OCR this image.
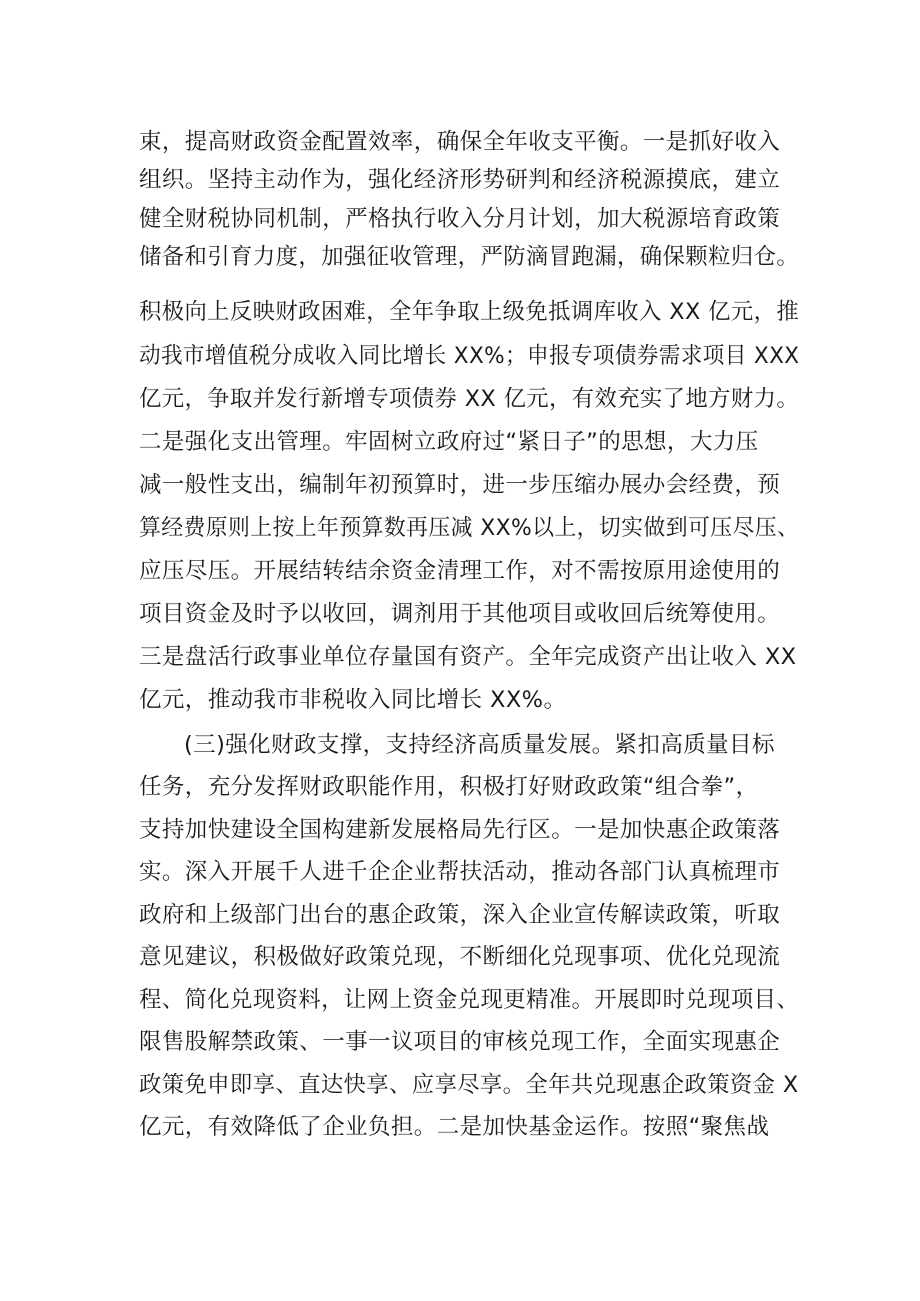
束，提高财政资金配置效率，确保全年收支平衡。一是抓好收入
组织。坚持主动作为，强化经济形势研判和经济税源摸底，建立
健全财税协同机制，严格执行收入分月计划，加大税源培育政策
储备和引育力度，加强征收管理，严防滴冒跑漏，确保颗粒归仓。
积极向上反映财政困难，全年争取上级免抵调库收入 XX 亿元，推
动我市增值税分成收入同比增长 XX%；申报专项债券需求项目 XXX
亿元，争取并发行新增专项债券 XX 亿元，有效充实了地方财力。
二是强化支出管理。牢固树立政府过“紧日子”的思想，大力压
减一般性支出，编制年初预算时，进一步压缩办展办会经费，预
算经费原则上按上年预算数再压减 XX%以上，切实做到可压尽压、
应压尽压。开展结转结余资金清理工作，对不需按原用途使用的
项目资金及时予以收回，调剂用于其他项目或收回后统筹使用。
三是盘活行政事业单位存量国有资产。全年完成资产出让收入 XX
亿元，推动我市非税收入同比增长 XX%。
(三)强化财政支撑，支持经济高质量发展。紧扣高质量目标
任务，充分发挥财政职能作用，积极打好财政政策“组合拳”，
支持加快建设全国构建新发展格局先行区。一是加快惠企政策落
实。深入开展千人进千企企业帮扶活动，推动各部门认真梳理市
政府和上级部门出台的惠企政策，深入企业宣传解读政策，听取
意见建议，积极做好政策兑现，不断细化兑现事项、优化兑现流
程、简化兑现资料，让网上资金兑现更精准。开展即时兑现项目、
限售股解禁政策、一事一议项目的审核兑现工作，全面实现惠企
政策免申即享、直达快享、应享尽享。全年共兑现惠企政策资金 X
亿元，有效降低了企业负担。二是加快基金运作。按照“聚焦战
